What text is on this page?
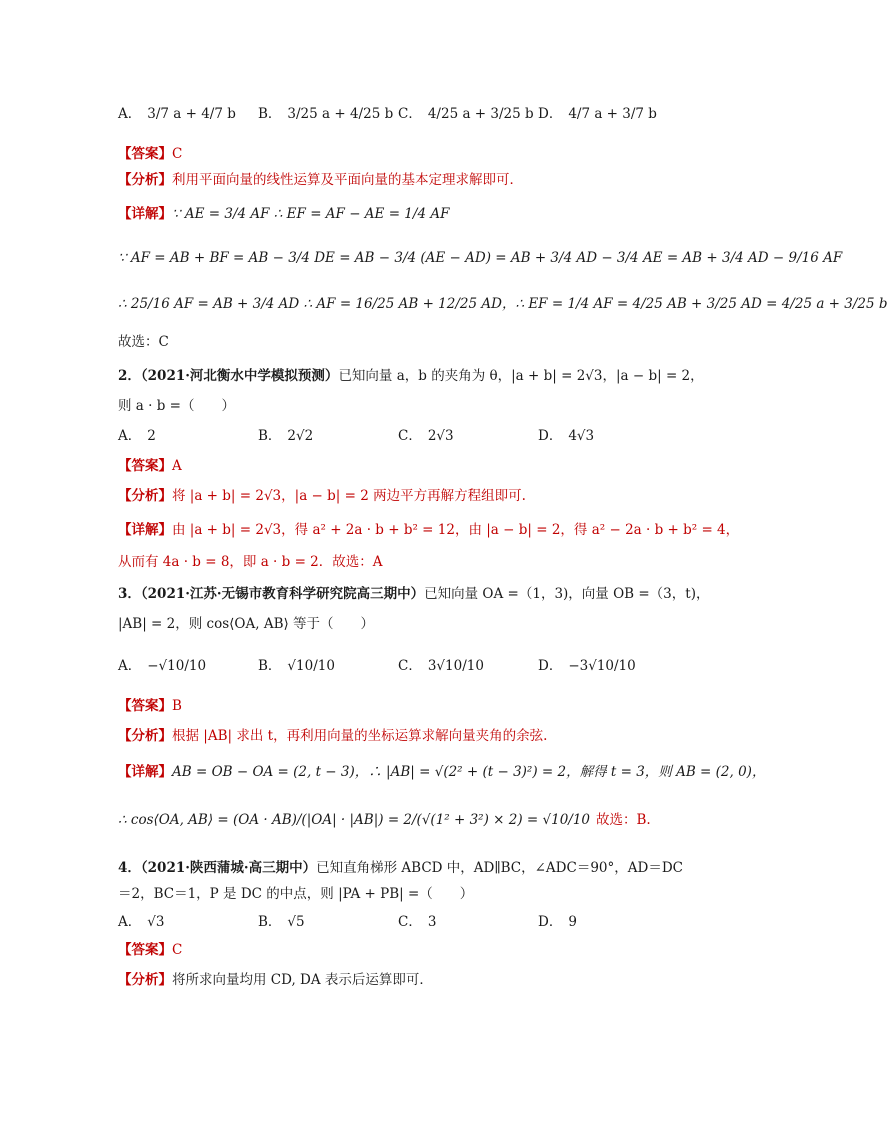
A． 3/7 a + 4/7 b B． 3/25 a + 4/25 b C． 4/25 a + 3/25 b D． 4/7 a + 3/7 b
【答案】C
【分析】利用平面向量的线性运算及平面向量的基本定理求解即可．
【详解】∵ AE = 3/4 AF ∴ EF = AF − AE = 1/4 AF
∵ AF = AB + BF = AB − 3/4 DE = AB − 3/4 (AE − AD) = AB + 3/4 AD − 3/4 AE = AB + 3/4 AD − 9/16 AF
∴ 25/16 AF = AB + 3/4 AD ∴ AF = 16/25 AB + 12/25 AD，∴ EF = 1/4 AF = 4/25 AB + 3/25 AD = 4/25 a + 3/25 b
故选：C
2．（2021·河北衡水中学模拟预测）已知向量 a，b 的夹角为 θ，|a + b| = 2√3，|a − b| = 2，
则 a · b =（　　）
A． 2	B． 2√2	C． 2√3	D． 4√3
【答案】A
【分析】将 |a + b| = 2√3，|a − b| = 2 两边平方再解方程组即可.
【详解】由 |a + b| = 2√3，得 a² + 2a · b + b² = 12，由 |a − b| = 2，得 a² − 2a · b + b² = 4，
从而有 4a · b = 8，即 a · b = 2．故选：A
3．（2021·江苏·无锡市教育科学研究院高三期中）已知向量 OA =（1，3)，向量 OB =（3，t)，
|AB| = 2，则 cos⟨OA, AB⟩ 等于（　　）
A． −√10/10	B． √10/10	C． 3√10/10	D． −3√10/10
【答案】B
【分析】根据 |AB| 求出 t，再利用向量的坐标运算求解向量夹角的余弦.
【详解】AB = OB − OA = (2, t − 3)，∴ |AB| = √(2² + (t − 3)²) = 2，解得 t = 3，则 AB = (2, 0)，
∴ cos⟨OA, AB⟩ = (OA · AB)/(|OA| · |AB|) = 2/(√(1² + 3²) × 2) = √10/10 故选：B.
4．（2021·陕西蒲城·高三期中）已知直角梯形 ABCD 中，AD∥BC，∠ADC＝90°，AD＝DC
＝2，BC＝1，P 是 DC 的中点，则 |PA + PB| =（　　）
A． √3	B． √5	C． 3	D． 9
【答案】C
【分析】将所求向量均用 CD, DA 表示后运算即可．
